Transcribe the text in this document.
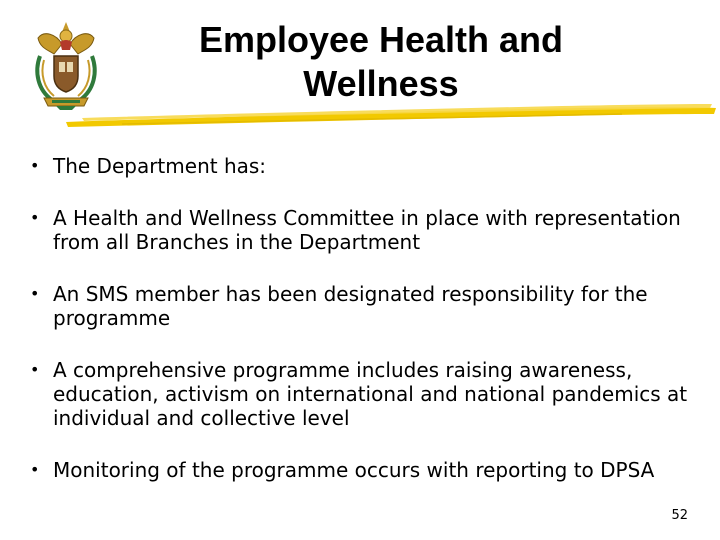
Employee Health and
Wellness
• The Department has:
• A Health and Wellness Committee in place with representation from all Branches in the Department
• An SMS member has been designated responsibility for the programme
• A comprehensive programme includes raising awareness, education, activism on international and national pandemics at individual and collective level
• Monitoring of the programme occurs with reporting to DPSA
52
